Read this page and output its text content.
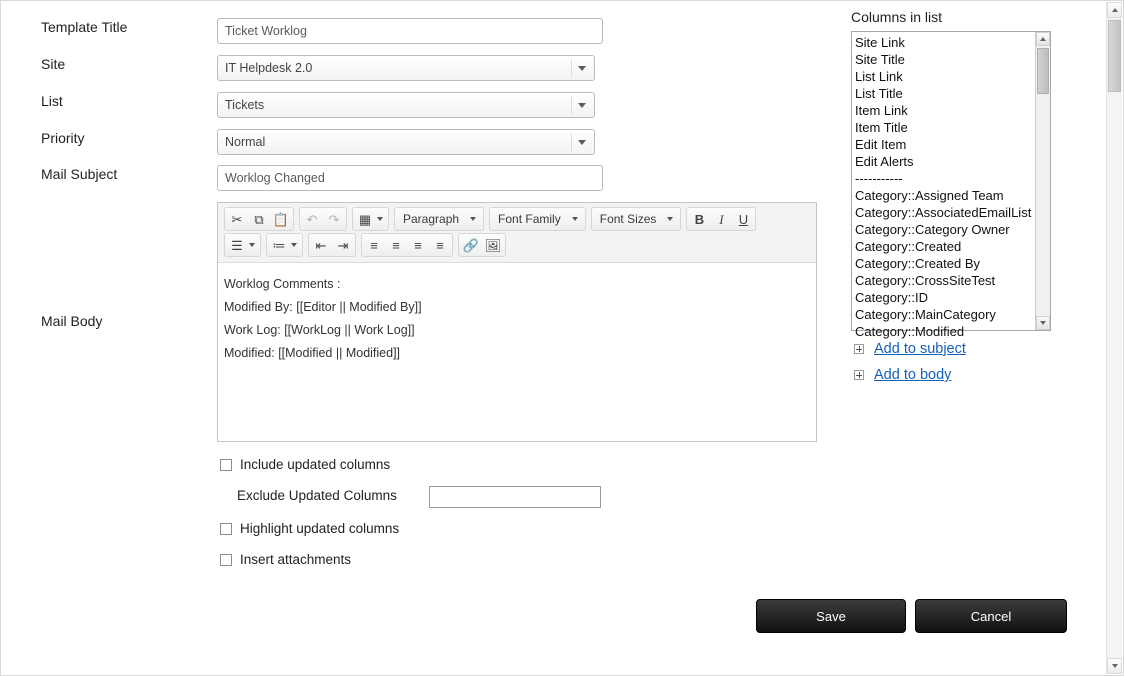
Template Title
Ticket Worklog
Site	IT Helpdesk 2.0
List	Tickets
Priority	Normal
Mail Subject
Worklog Changed
Mail Body
✂ ⧉ 📋	↶ ↷	▦	Paragraph	Font Family	Font Sizes	B	I	U
☰	≔	⇤ ⇥	≡	≡	≡	≡	🔗 🖼
Worklog Comments :
Modified By: [[Editor || Modified By]]
Work Log: [[WorkLog || Work Log]]
Modified: [[Modified || Modified]]
Include updated columns
Exclude Updated Columns
Highlight updated columns
Insert attachments
Save	Cancel
Columns in list
Site Link
Site Title
List Link
List Title
Item Link
Item Title
Edit Item
Edit Alerts
-----------
Category::Assigned Team
Category::AssociatedEmailList
Category::Category Owner
Category::Created
Category::Created By
Category::CrossSiteTest
Category::ID
Category::MainCategory
Category::Modified
Add to subject
Add to body
